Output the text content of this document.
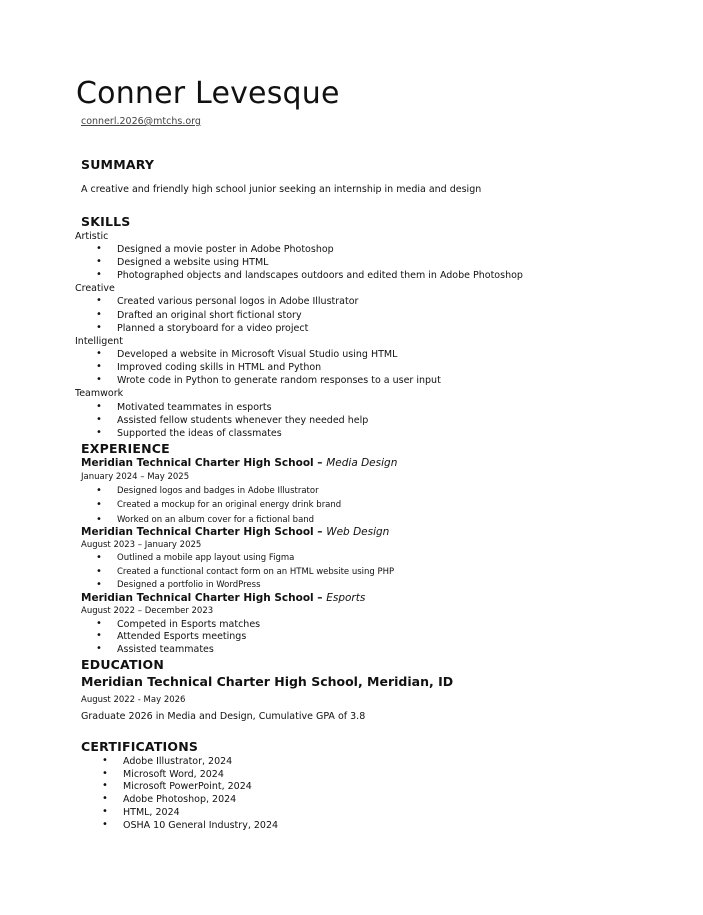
Conner Levesque
connerl.2026@mtchs.org
SUMMARY
A creative and friendly high school junior seeking an internship in media and design
SKILLS
Artistic
• Designed a movie poster in Adobe Photoshop
• Designed a website using HTML
• Photographed objects and landscapes outdoors and edited them in Adobe Photoshop
Creative
• Created various personal logos in Adobe Illustrator
• Drafted an original short fictional story
• Planned a storyboard for a video project
Intelligent
• Developed a website in Microsoft Visual Studio using HTML
• Improved coding skills in HTML and Python
• Wrote code in Python to generate random responses to a user input
Teamwork
• Motivated teammates in esports
• Assisted fellow students whenever they needed help
• Supported the ideas of classmates
EXPERIENCE
Meridian Technical Charter High School – Media Design
January 2024 – May 2025
• Designed logos and badges in Adobe Illustrator
• Created a mockup for an original energy drink brand
• Worked on an album cover for a fictional band
Meridian Technical Charter High School – Web Design
August 2023 – January 2025
• Outlined a mobile app layout using Figma
• Created a functional contact form on an HTML website using PHP
• Designed a portfolio in WordPress
Meridian Technical Charter High School – Esports
August 2022 – December 2023
• Competed in Esports matches
• Attended Esports meetings
• Assisted teammates
EDUCATION
Meridian Technical Charter High School, Meridian, ID
August 2022 - May 2026
Graduate 2026 in Media and Design, Cumulative GPA of 3.8
CERTIFICATIONS
• Adobe Illustrator, 2024
• Microsoft Word, 2024
• Microsoft PowerPoint, 2024
• Adobe Photoshop, 2024
• HTML, 2024
• OSHA 10 General Industry, 2024
